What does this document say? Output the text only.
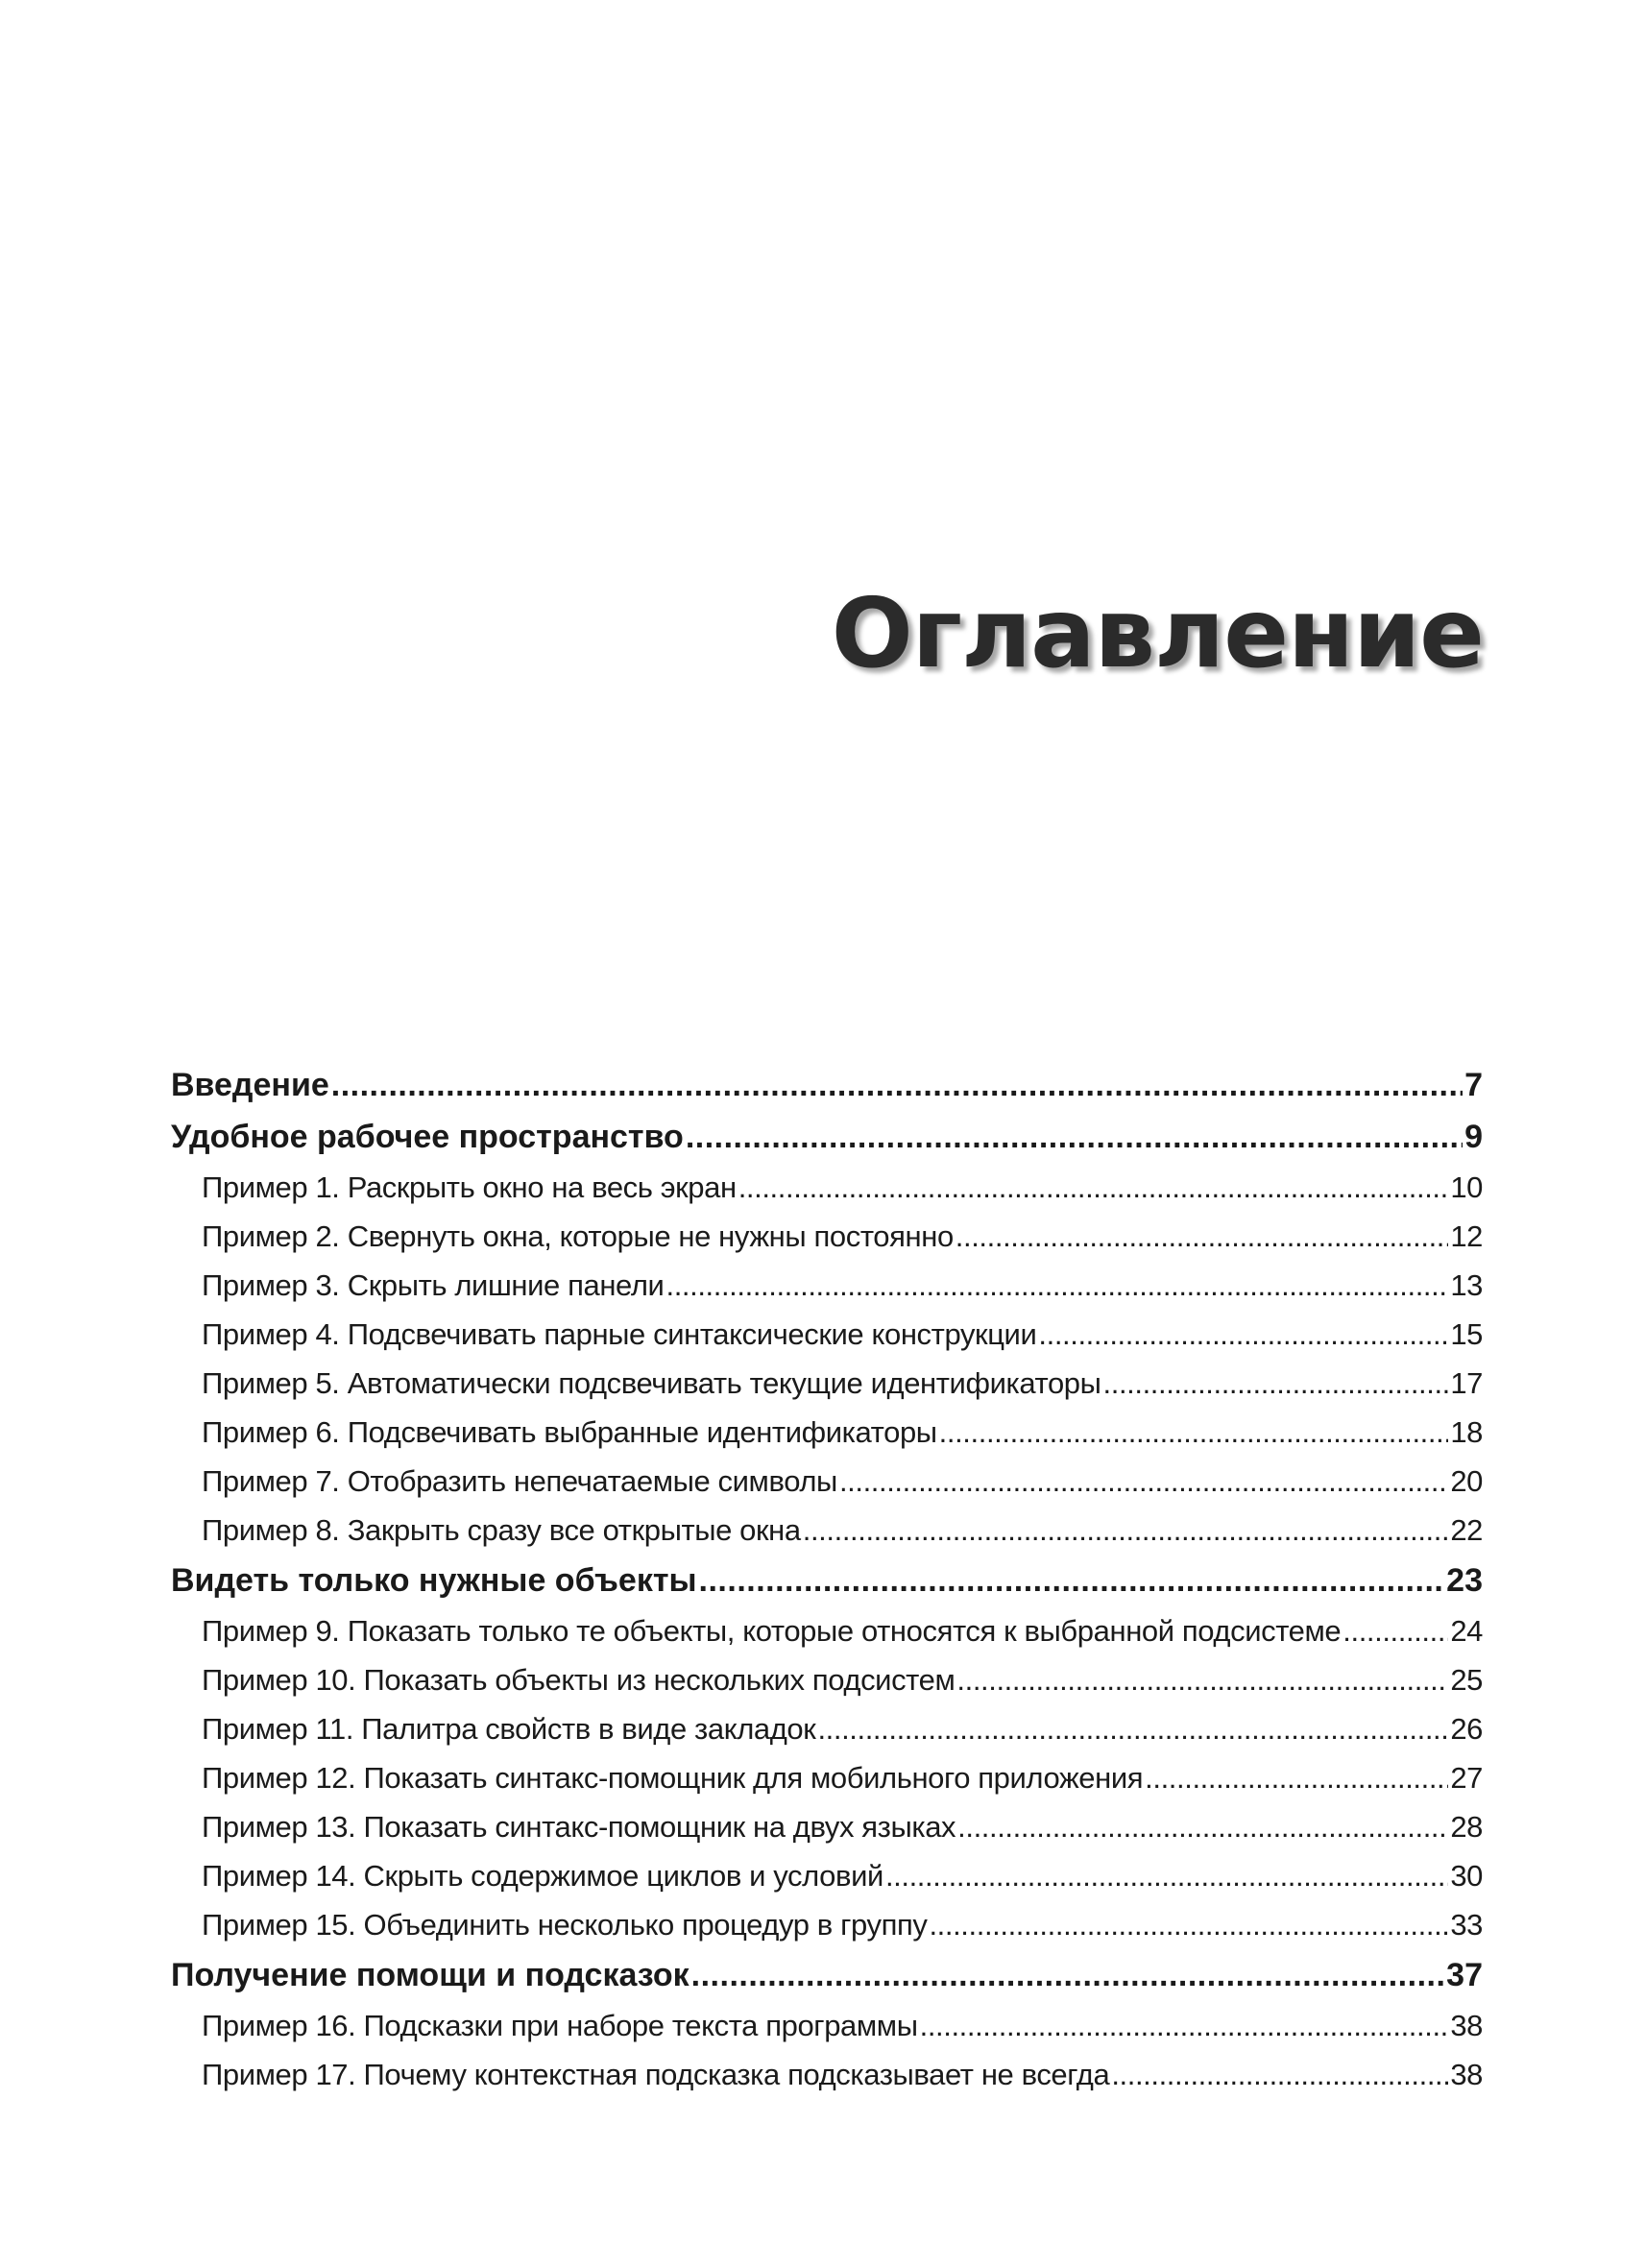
Оглавление
Введение .....	7
Удобное рабочее пространство .....	9
Пример 1. Раскрыть окно на весь экран .....	10
Пример 2. Свернуть окна, которые не нужны постоянно .....	12
Пример 3. Скрыть лишние панели .....	13
Пример 4. Подсвечивать парные синтаксические конструкции .....	15
Пример 5. Автоматически подсвечивать текущие идентификаторы .....	17
Пример 6. Подсвечивать выбранные идентификаторы .....	18
Пример 7. Отобразить непечатаемые символы .....	20
Пример 8. Закрыть сразу все открытые окна .....	22
Видеть только нужные объекты .....	23
Пример 9. Показать только те объекты, которые относятся к выбранной подсистеме .....	24
Пример 10. Показать объекты из нескольких подсистем .....	25
Пример 11. Палитра свойств в виде закладок .....	26
Пример 12. Показать синтакс-помощник для мобильного приложения .....	27
Пример 13. Показать синтакс-помощник на двух языках .....	28
Пример 14. Скрыть содержимое циклов и условий .....	30
Пример 15. Объединить несколько процедур в группу .....	33
Получение помощи и подсказок .....	37
Пример 16. Подсказки при наборе текста программы .....	38
Пример 17. Почему контекстная подсказка подсказывает не всегда .....	38
